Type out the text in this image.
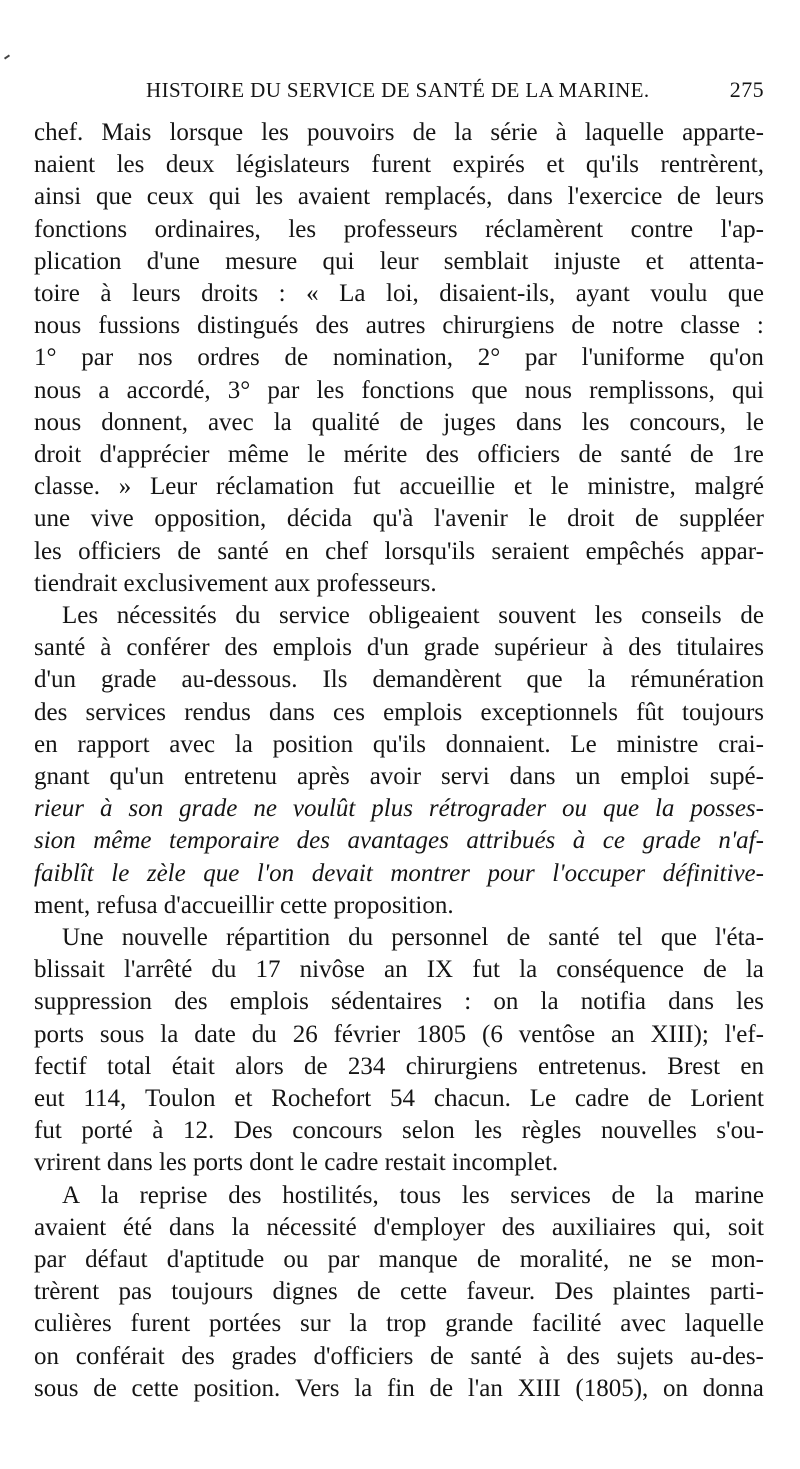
HISTOIRE DU SERVICE DE SANTÉ DE LA MARINE.	275
chef. Mais lorsque les pouvoirs de la série à laquelle apparte-
naient les deux législateurs furent expirés et qu'ils rentrèrent,
ainsi que ceux qui les avaient remplacés, dans l'exercice de leurs
fonctions ordinaires, les professeurs réclamèrent contre l'ap-
plication d'une mesure qui leur semblait injuste et attenta-
toire à leurs droits : « La loi, disaient-ils, ayant voulu que
nous fussions distingués des autres chirurgiens de notre classe :
1° par nos ordres de nomination, 2° par l'uniforme qu'on
nous a accordé, 3° par les fonctions que nous remplissons, qui
nous donnent, avec la qualité de juges dans les concours, le
droit d'apprécier même le mérite des officiers de santé de 1re
classe. » Leur réclamation fut accueillie et le ministre, malgré
une vive opposition, décida qu'à l'avenir le droit de suppléer
les officiers de santé en chef lorsqu'ils seraient empêchés appar-
tiendrait exclusivement aux professeurs.
Les nécessités du service obligeaient souvent les conseils de
santé à conférer des emplois d'un grade supérieur à des titulaires
d'un grade au-dessous. Ils demandèrent que la rémunération
des services rendus dans ces emplois exceptionnels fût toujours
en rapport avec la position qu'ils donnaient. Le ministre crai-
gnant qu'un entretenu après avoir servi dans un emploi supé-
rieur à son grade ne voulût plus rétrograder ou que la posses-
sion même temporaire des avantages attribués à ce grade n'af-
faiblît le zèle que l'on devait montrer pour l'occuper définitive-
ment, refusa d'accueillir cette proposition.
Une nouvelle répartition du personnel de santé tel que l'éta-
blissait l'arrêté du 17 nivôse an IX fut la conséquence de la
suppression des emplois sédentaires : on la notifia dans les
ports sous la date du 26 février 1805 (6 ventôse an XIII); l'ef-
fectif total était alors de 234 chirurgiens entretenus. Brest en
eut 114, Toulon et Rochefort 54 chacun. Le cadre de Lorient
fut porté à 12. Des concours selon les règles nouvelles s'ou-
vrirent dans les ports dont le cadre restait incomplet.
A la reprise des hostilités, tous les services de la marine
avaient été dans la nécessité d'employer des auxiliaires qui, soit
par défaut d'aptitude ou par manque de moralité, ne se mon-
trèrent pas toujours dignes de cette faveur. Des plaintes parti-
culières furent portées sur la trop grande facilité avec laquelle
on conférait des grades d'officiers de santé à des sujets au-des-
sous de cette position. Vers la fin de l'an XIII (1805), on donna
